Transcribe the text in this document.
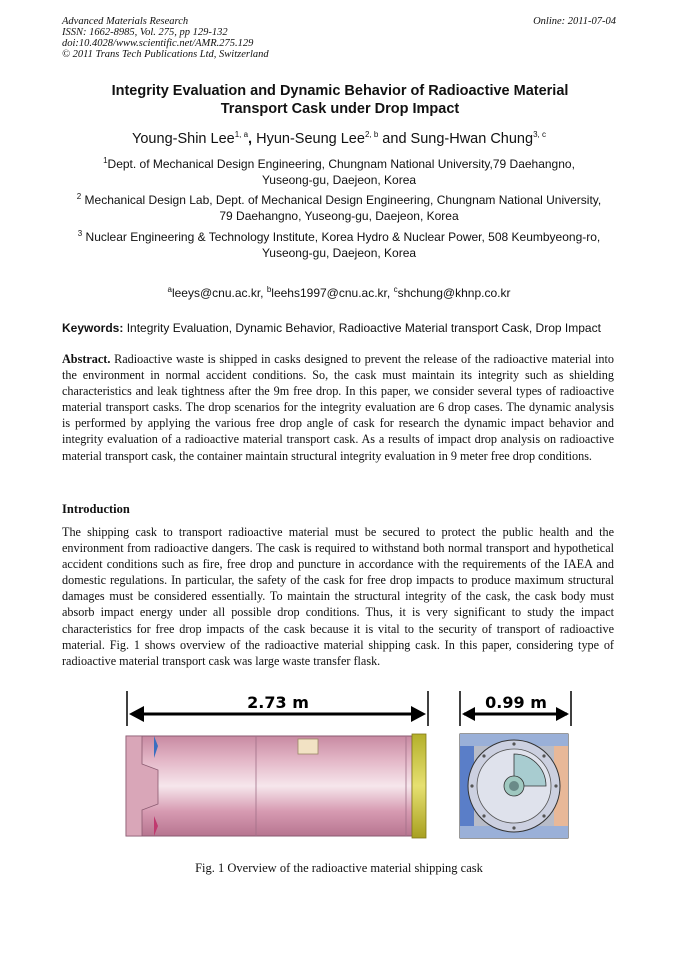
Advanced Materials Research
ISSN: 1662-8985, Vol. 275, pp 129-132
doi:10.4028/www.scientific.net/AMR.275.129
© 2011 Trans Tech Publications Ltd, Switzerland
Online: 2011-07-04
Integrity Evaluation and Dynamic Behavior of Radioactive Material
Transport Cask under Drop Impact
Young-Shin Lee$^{1, a}$, Hyun-Seung Lee$^{2, b}$ and Sung-Hwan Chung$^{3, c}$
$^1$Dept. of Mechanical Design Engineering, Chungnam National University,79 Daehangno,
Yuseong-gu, Daejeon, Korea
$^2$ Mechanical Design Lab, Dept. of Mechanical Design Engineering, Chungnam National University,
79 Daehangno, Yuseong-gu, Daejeon, Korea
$^3$ Nuclear Engineering & Technology Institute, Korea Hydro & Nuclear Power, 508 Keumbyeong-ro,
Yuseong-gu, Daejeon, Korea
$^a$leeys@cnu.ac.kr, $^b$leehs1997@cnu.ac.kr, $^c$shchung@khnp.co.kr
Keywords: Integrity Evaluation, Dynamic Behavior, Radioactive Material transport Cask, Drop Impact
Abstract. Radioactive waste is shipped in casks designed to prevent the release of the radioactive material into the environment in normal accident conditions. So, the cask must maintain its integrity such as shielding characteristics and leak tightness after the 9m free drop. In this paper, we consider several types of radioactive material transport casks. The drop scenarios for the integrity evaluation are 6 drop cases. The dynamic analysis is performed by applying the various free drop angle of cask for research the dynamic impact behavior and integrity evaluation of a radioactive material transport cask. As a results of impact drop analysis on radioactive material transport cask, the container maintain structural integrity evaluation in 9 meter free drop conditions.
Introduction
The shipping cask to transport radioactive material must be secured to protect the public health and the environment from radioactive dangers. The cask is required to withstand both normal transport and hypothetical accident conditions such as fire, free drop and puncture in accordance with the requirements of the IAEA and domestic regulations. In particular, the safety of the cask for free drop impacts to produce maximum structural damages must be considered essentially. To maintain the structural integrity of the cask, the cask body must absorb impact energy under all possible drop conditions. Thus, it is very significant to study the impact characteristics for free drop impacts of the cask because it is vital to the security of transport of radioactive material. Fig. 1 shows overview of the radioactive material shipping cask. In this paper, considering type of radioactive material transport cask was large waste transfer flask.
2.73 m	0.99 m
Fig. 1 Overview of the radioactive material shipping cask
